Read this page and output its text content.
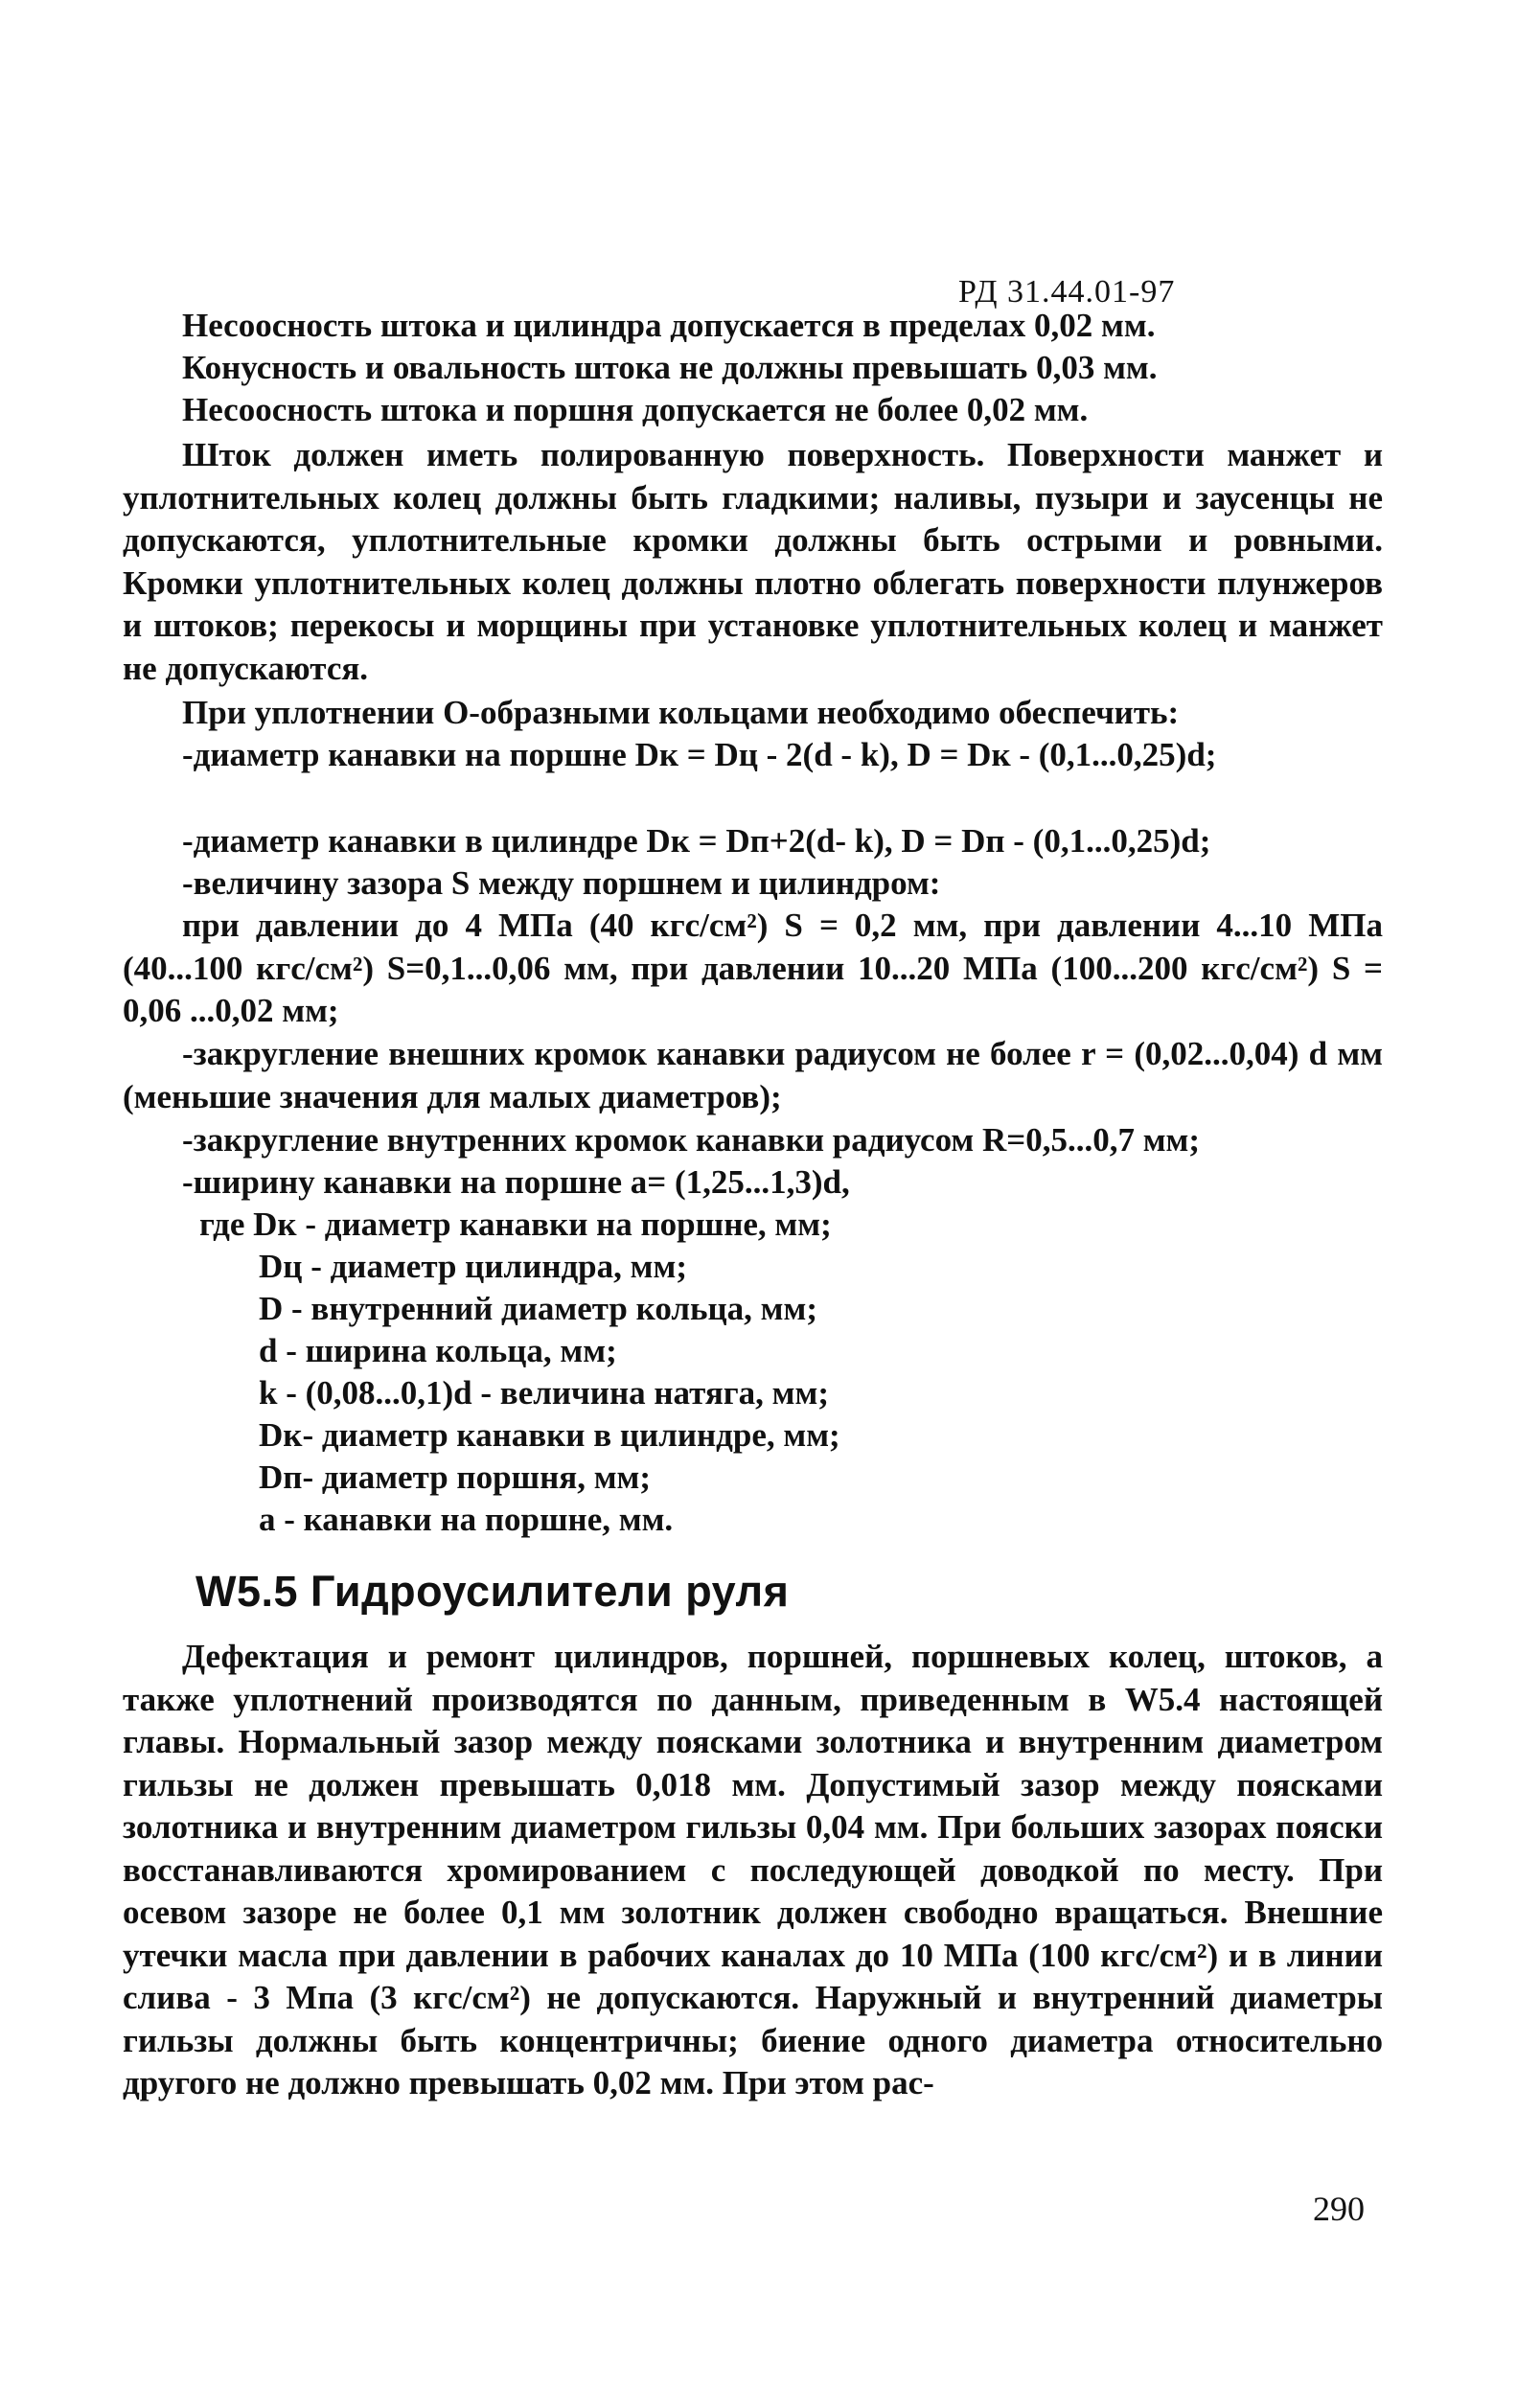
РД 31.44.01-97
Несоосность штока и цилиндра допускается в пределах 0,02 мм.
Конусность и овальность штока не должны превышать 0,03 мм.
Несоосность штока и поршня допускается не более 0,02 мм.
Шток должен иметь полированную поверхность. Поверхности манжет и уплотнительных колец должны быть гладкими; наливы, пузыри и заусенцы не допускаются, уплотнительные кромки должны быть острыми и ровными. Кромки уплотнительных колец должны плотно облегать поверхности плунжеров и штоков; перекосы и морщины при установке уплотнительных колец и манжет не допускаются.
При уплотнении О-образными кольцами необходимо обеспечить:
-диаметр канавки на поршне Dк = Dц - 2(d - k), D = Dк - (0,1...0,25)d;
-диаметр канавки в цилиндре Dк = Dп+2(d- k), D = Dп - (0,1...0,25)d;
-величину зазора S между поршнем и цилиндром:
при давлении до 4 МПа (40 кгс/см²) S = 0,2 мм, при давлении 4...10 МПа (40...100 кгс/см²) S=0,1...0,06 мм, при давлении 10...20 МПа (100...200 кгс/см²) S = 0,06 ...0,02 мм;
-закругление внешних кромок канавки радиусом не более r = (0,02...0,04) d мм (меньшие значения для малых диаметров);
-закругление внутренних кромок канавки радиусом R=0,5...0,7 мм;
-ширину канавки на поршне a= (1,25...1,3)d,
где Dк - диаметр канавки на поршне, мм;
Dц - диаметр цилиндра, мм;
D - внутренний диаметр кольца, мм;
d - ширина кольца, мм;
k - (0,08...0,1)d - величина натяга, мм;
Dк- диаметр канавки в цилиндре, мм;
Dп- диаметр поршня, мм;
a - канавки на поршне, мм.
W5.5 Гидроусилители руля
Дефектация и ремонт цилиндров, поршней, поршневых колец, штоков, а также уплотнений производятся по данным, приведенным в W5.4 настоящей главы. Нормальный зазор между поясками золотника и внутренним диаметром гильзы не должен превышать 0,018 мм. Допустимый зазор между поясками золотника и внутренним диаметром гильзы 0,04 мм. При больших зазорах пояски восстанавливаются хромированием с последующей доводкой по месту. При осевом зазоре не более 0,1 мм золотник должен свободно вращаться. Внешние утечки масла при давлении в рабочих каналах до 10 МПа (100 кгс/см²) и в линии слива - 3 Мпа (3 кгс/см²) не допускаются. Наружный и внутренний диаметры гильзы должны быть концентричны; биение одного диаметра относительно другого не должно превышать 0,02 мм. При этом рас-
290
